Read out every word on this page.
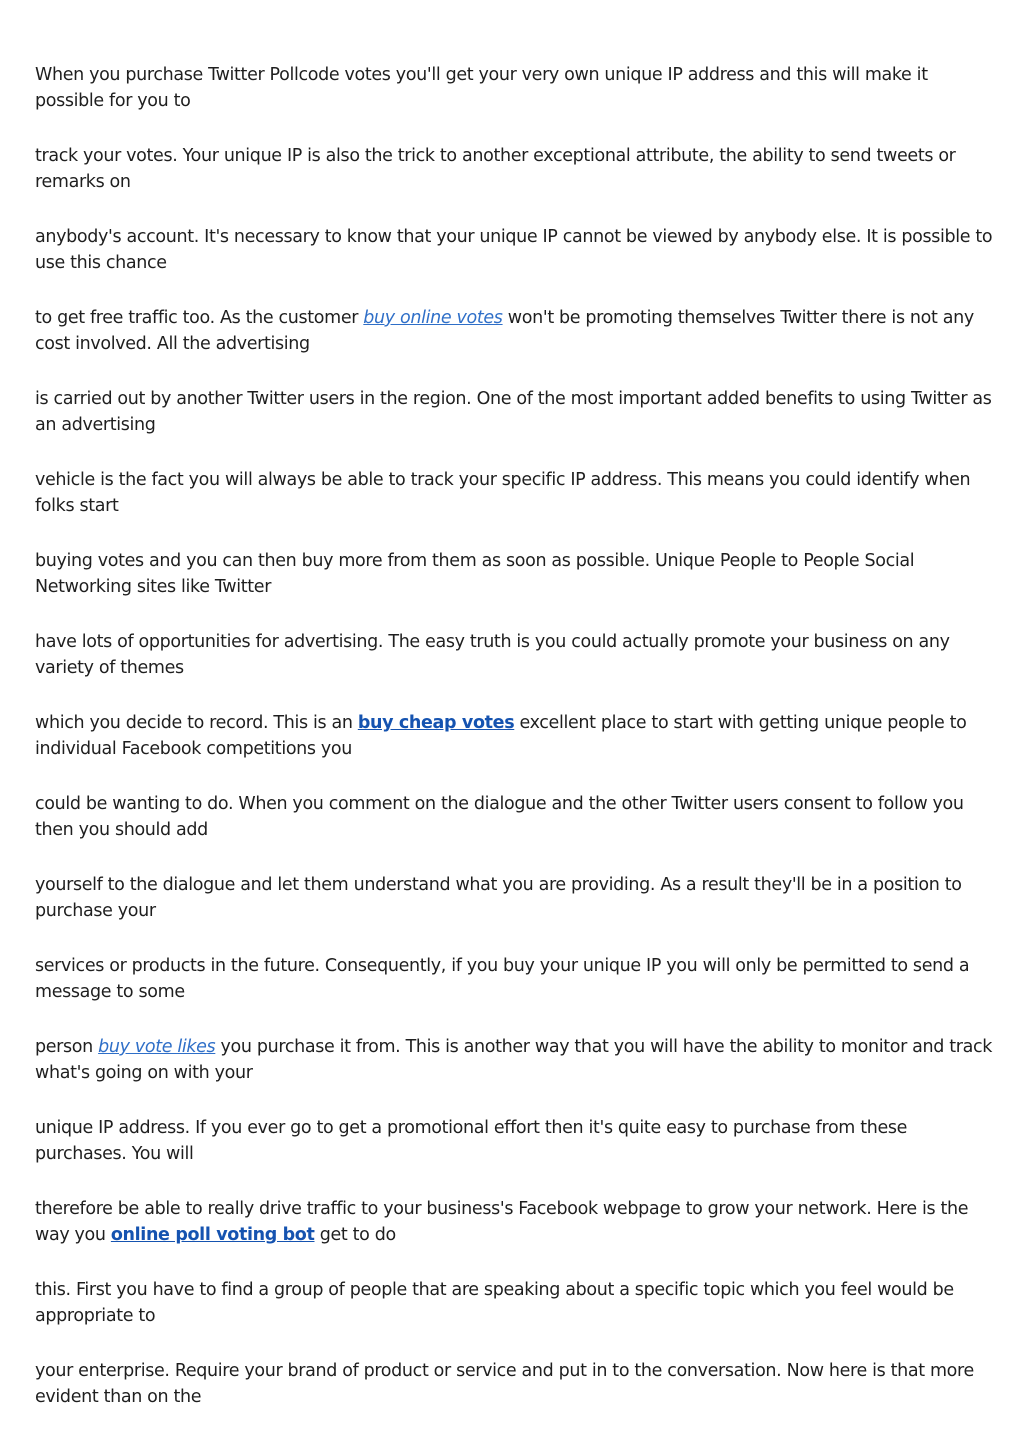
When you purchase Twitter Pollcode votes you'll get your very own unique IP address and this will make it possible for you to

track your votes. Your unique IP is also the trick to another exceptional attribute, the ability to send tweets or remarks on

anybody's account. It's necessary to know that your unique IP cannot be viewed by anybody else. It is possible to use this chance

to get free traffic too. As the customer buy online votes won't be promoting themselves Twitter there is not any cost involved. All the advertising

is carried out by another Twitter users in the region. One of the most important added benefits to using Twitter as an advertising

vehicle is the fact you will always be able to track your specific IP address. This means you could identify when folks start

buying votes and you can then buy more from them as soon as possible. Unique People to People Social Networking sites like Twitter

have lots of opportunities for advertising. The easy truth is you could actually promote your business on any variety of themes

which you decide to record. This is an buy cheap votes excellent place to start with getting unique people to individual Facebook competitions you

could be wanting to do. When you comment on the dialogue and the other Twitter users consent to follow you then you should add

yourself to the dialogue and let them understand what you are providing. As a result they'll be in a position to purchase your

services or products in the future. Consequently, if you buy your unique IP you will only be permitted to send a message to some

person buy vote likes you purchase it from. This is another way that you will have the ability to monitor and track what's going on with your

unique IP address. If you ever go to get a promotional effort then it's quite easy to purchase from these purchases. You will

therefore be able to really drive traffic to your business's Facebook webpage to grow your network. Here is the way you online poll voting bot get to do

this. First you have to find a group of people that are speaking about a specific topic which you feel would be appropriate to

your enterprise. Require your brand of product or service and put in to the conversation. Now here is that more evident than on the
